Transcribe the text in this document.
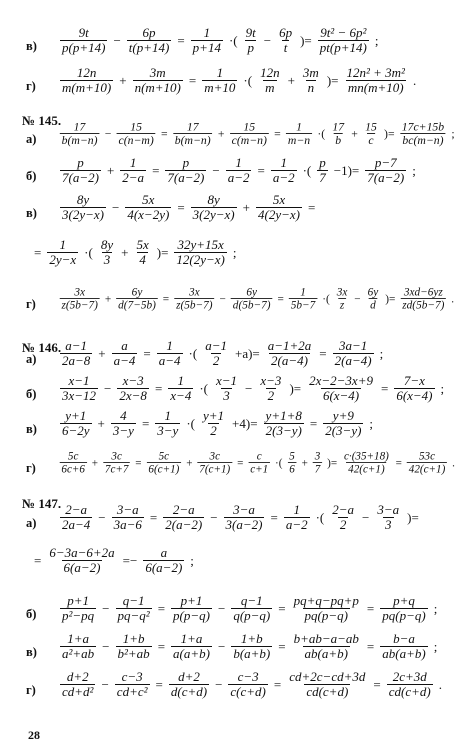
№ 145.
№ 146.
№ 147.
$в) \frac{9t}{p(p+14)} - \frac{6p}{t(p+14)} = \frac{1}{p+14}$ ·( $\frac{9t}{p} - \frac{6p}{t}$ )= $\frac{\text{9t² − 6p²}}{pt(p+14)}$ ;
$г) \frac{12n}{m(m+10)} + \frac{3m}{n(m+10)} = \frac{1}{m+10}$ ·( $\frac{12n}{m} + \frac{3m}{n}$ )= $\frac{\text{12n² + 3m²}}{mn(m+10)}$ .
$а) \frac{17}{b(m-n)} - \frac{15}{c(n-m)} = \frac{17}{b(m-n)} + \frac{15}{c(m-n)} = \frac{1}{m-n}$ ·( $\frac{17}{b} + \frac{15}{c}$ )= $\frac{17c+15b}{bc(m-n)}$ ;
$б) \frac{p}{7(a-2)} + \frac{1}{2-a} = \frac{p}{7(a-2)} - \frac{1}{a-2} = \frac{1}{a-2}$ ·( $\frac{p}{7} -1)= \frac{p-7}{7(a-2)}$ ;
$в) \frac{8y}{3(2y-x)} - \frac{5x}{4(x-2y)} = \frac{8y}{3(2y-x)} + \frac{5x}{4(2y-x)}$ =
= $\frac{1}{2y-x}$ ·( $\frac{8y}{3} + \frac{5x}{4}$ )= $\frac{32y+15x}{12(2y-x)}$ ;
$г) \frac{3x}{z(5b-7)} + \frac{6y}{d(7-5b)} = \frac{3x}{z(5b-7)} - \frac{6y}{d(5b-7)} = \frac{1}{5b-7}$ ·( $\frac{3x}{z} - \frac{6y}{d}$ )= $\frac{3xd-6yz}{zd(5b-7)}$ .
$а) \frac{a-1}{2a-8} + \frac{a}{a-4} = \frac{1}{a-4}$ ·( $\frac{a-1}{2} +a)= \frac{a-1+2a}{2(a-4)} = \frac{3a-1}{2(a-4)}$ ;
$б) \frac{x-1}{3x-12} - \frac{x-3}{2x-8} = \frac{1}{x-4}$ ·( $\frac{x-1}{3} - \frac{x-3}{2}$ )= $\frac{2x-2-3x+9}{6(x-4)} = \frac{7-x}{6(x-4)}$ ;
$в) \frac{y+1}{6-2y} + \frac{4}{3-y} = \frac{1}{3-y}$ ·( $\frac{y+1}{2} +4)= \frac{y+1+8}{2(3-y)} = \frac{y+9}{2(3-y)}$ ;
$г) \frac{5c}{6c+6} + \frac{3c}{7c+7} = \frac{5c}{6(c+1)} + \frac{3c}{7(c+1)} = \frac{c}{c+1}$ ·( $\frac{5}{6} + \frac{3}{7}$ )= $\frac{c\cdot(35+18)}{42(c+1)} = \frac{53c}{42(c+1)}$ .
$а) \frac{2-a}{2a-4} - \frac{3-a}{3a-6} = \frac{2-a}{2(a-2)} - \frac{3-a}{3(a-2)} = \frac{1}{a-2}$ ·( $\frac{2-a}{2} - \frac{3-a}{3}$ )=
= $\frac{6-3a-6+2a}{6(a-2)} =- \frac{a}{6(a-2)}$ ;
$б) \frac{p+1}{\text{p²−pq}} - \frac{q-1}{\text{pq−q²}} = \frac{p+1}{p(p-q)} - \frac{q-1}{q(p-q)} = \frac{pq+q-pq+p}{pq(p-q)} = \frac{p+q}{pq(p-q)}$ ;
$в) \frac{1+a}{\text{a²+ab}} - \frac{1+b}{\text{b²+ab}} = \frac{1+a}{a(a+b)} - \frac{1+b}{b(a+b)} = \frac{b+ab-a-ab}{ab(a+b)} = \frac{b-a}{ab(a+b)}$ ;
$г) \frac{d+2}{\text{cd+d²}} - \frac{c-3}{\text{cd+c²}} = \frac{d+2}{d(c+d)} - \frac{c-3}{c(c+d)} = \frac{cd+2c-cd+3d}{cd(c+d)} = \frac{2c+3d}{cd(c+d)}$ .
28
